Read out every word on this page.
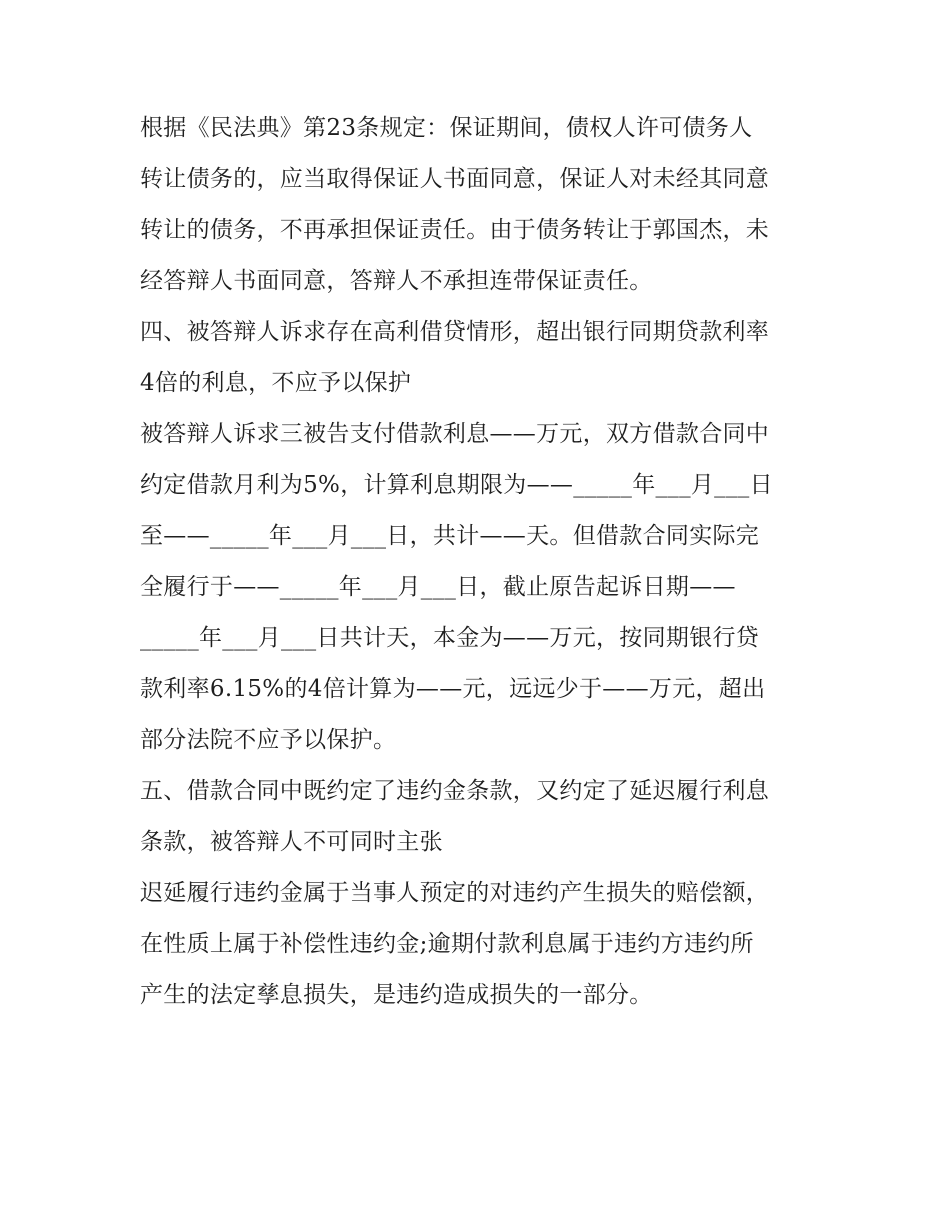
根据《民法典》第23条规定：保证期间，债权人许可债务人
转让债务的，应当取得保证人书面同意，保证人对未经其同意
转让的债务，不再承担保证责任。由于债务转让于郭国杰，未
经答辩人书面同意，答辩人不承担连带保证责任。
四、被答辩人诉求存在高利借贷情形，超出银行同期贷款利率
4倍的利息，不应予以保护
被答辩人诉求三被告支付借款利息——万元，双方借款合同中
约定借款月利为5%，计算利息期限为——_____年___月___日
至——_____年___月___日，共计——天。但借款合同实际完
全履行于——_____年___月___日，截止原告起诉日期——
_____年___月___日共计天，本金为——万元，按同期银行贷
款利率6.15%的4倍计算为——元，远远少于——万元，超出
部分法院不应予以保护。
五、借款合同中既约定了违约金条款，又约定了延迟履行利息
条款，被答辩人不可同时主张
迟延履行违约金属于当事人预定的对违约产生损失的赔偿额，
在性质上属于补偿性违约金;逾期付款利息属于违约方违约所
产生的法定孳息损失，是违约造成损失的一部分。
